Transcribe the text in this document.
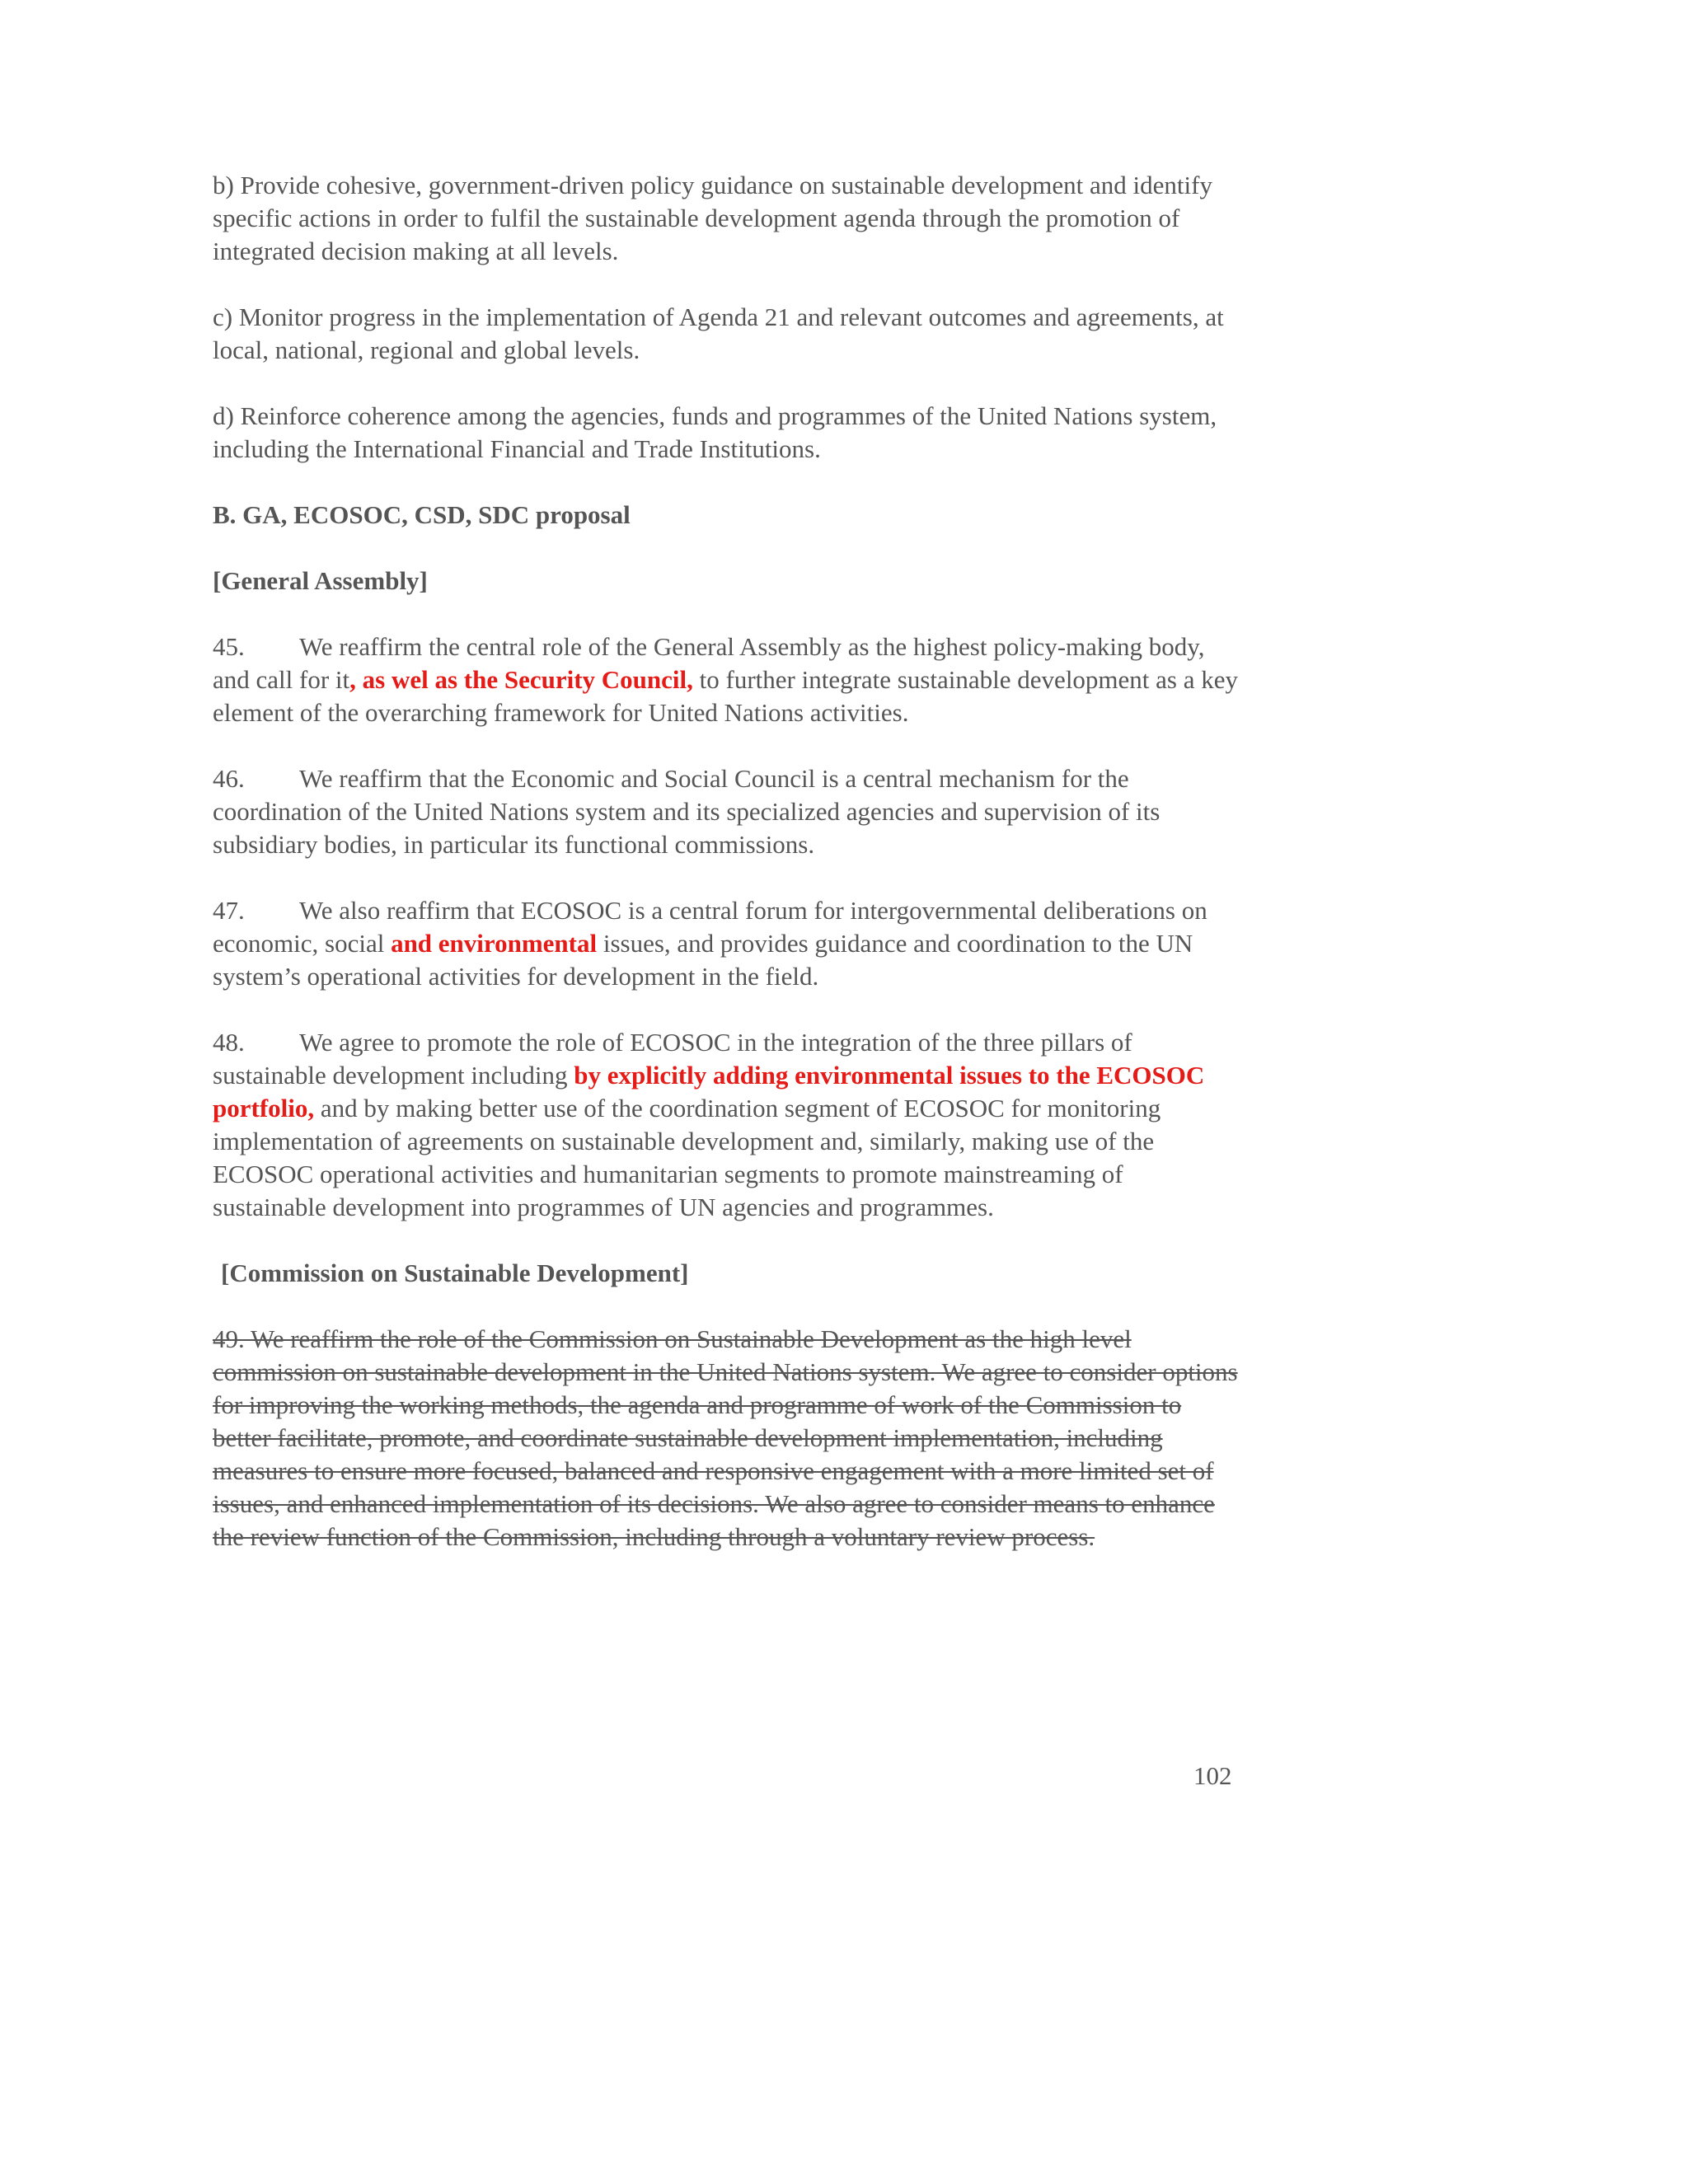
b) Provide cohesive, government-driven policy guidance on sustainable development and identify specific actions in order to fulfil the sustainable development agenda through the promotion of integrated decision making at all levels.

c) Monitor progress in the implementation of Agenda 21 and relevant outcomes and agreements, at local, national, regional and global levels.

d) Reinforce coherence among the agencies, funds and programmes of the United Nations system, including the International Financial and Trade Institutions.

B. GA, ECOSOC, CSD, SDC proposal

[General Assembly]

45. We reaffirm the central role of the General Assembly as the highest policy-making body, and call for it, as wel as the Security Council, to further integrate sustainable development as a key element of the overarching framework for United Nations activities.

46. We reaffirm that the Economic and Social Council is a central mechanism for the coordination of the United Nations system and its specialized agencies and supervision of its subsidiary bodies, in particular its functional commissions.

47. We also reaffirm that ECOSOC is a central forum for intergovernmental deliberations on economic, social and environmental issues, and provides guidance and coordination to the UN system’s operational activities for development in the field.

48. We agree to promote the role of ECOSOC in the integration of the three pillars of sustainable development including by explicitly adding environmental issues to the ECOSOC portfolio, and by making better use of the coordination segment of ECOSOC for monitoring implementation of agreements on sustainable development and, similarly, making use of the ECOSOC operational activities and humanitarian segments to promote mainstreaming of sustainable development into programmes of UN agencies and programmes.

[Commission on Sustainable Development]

49. We reaffirm the role of the Commission on Sustainable Development as the high level commission on sustainable development in the United Nations system. We agree to consider options for improving the working methods, the agenda and programme of work of the Commission to better facilitate, promote, and coordinate sustainable development implementation, including measures to ensure more focused, balanced and responsive engagement with a more limited set of issues, and enhanced implementation of its decisions. We also agree to consider means to enhance the review function of the Commission, including through a voluntary review process.

102
